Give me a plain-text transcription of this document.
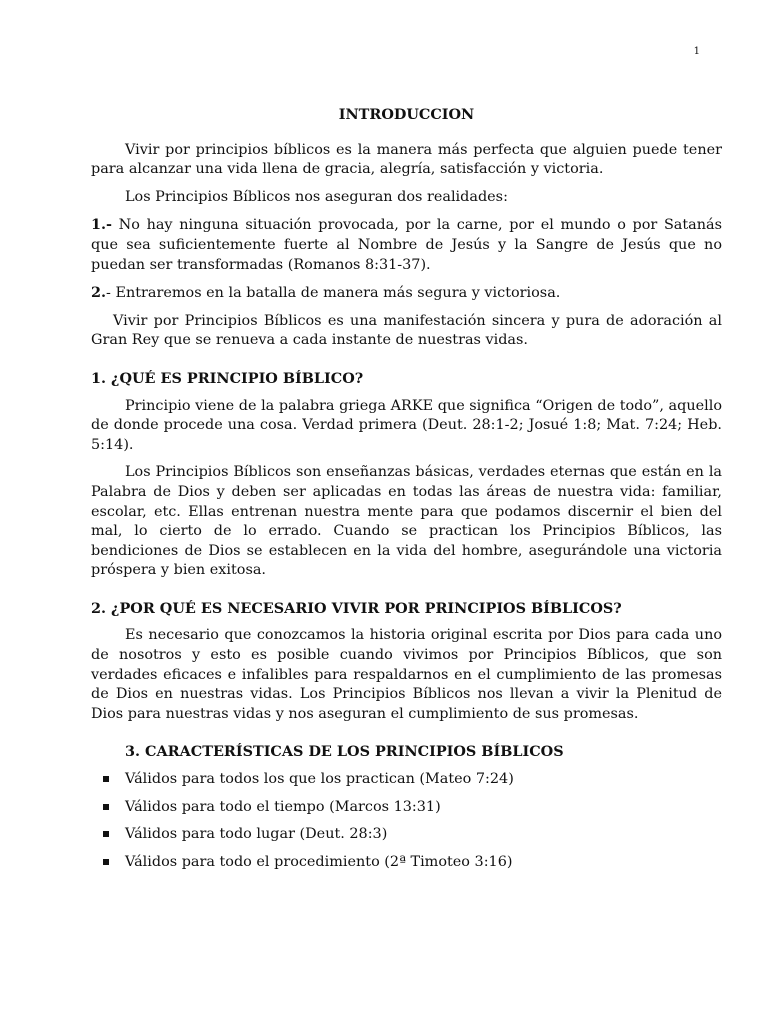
1
INTRODUCCION

Vivir por principios bíblicos es la manera más perfecta que alguien puede tener para alcanzar una vida llena de gracia, alegría, satisfacción y victoria.

Los Principios Bíblicos nos aseguran dos realidades:

1.- No hay ninguna situación provocada, por la carne, por el mundo o por Satanás que sea suficientemente fuerte al Nombre de Jesús y la Sangre de Jesús que no puedan ser transformadas (Romanos 8:31-37).

2.- Entraremos en la batalla de manera más segura y victoriosa.

Vivir por Principios Bíblicos es una manifestación sincera y pura de adoración al Gran Rey que se renueva a cada instante de nuestras vidas.

1. ¿QUÉ ES PRINCIPIO BÍBLICO?

Principio viene de la palabra griega ARKE que significa “Origen de todo”, aquello de donde procede una cosa. Verdad primera (Deut. 28:1-2; Josué 1:8; Mat. 7:24; Heb. 5:14).

Los Principios Bíblicos son enseñanzas básicas, verdades eternas que están en la Palabra de Dios y deben ser aplicadas en todas las áreas de nuestra vida: familiar, escolar, etc. Ellas entrenan nuestra mente para que podamos discernir el bien del mal, lo cierto de lo errado. Cuando se practican los Principios Bíblicos, las bendiciones de Dios se establecen en la vida del hombre, asegurándole una victoria próspera y bien exitosa.

2. ¿POR QUÉ ES NECESARIO VIVIR POR PRINCIPIOS BÍBLICOS?

Es necesario que conozcamos la historia original escrita por Dios para cada uno de nosotros y esto es posible cuando vivimos por Principios Bíblicos, que son verdades eficaces e infalibles para respaldarnos en el cumplimiento de las promesas de Dios en nuestras vidas. Los Principios Bíblicos nos llevan a vivir la Plenitud de Dios para nuestras vidas y nos aseguran el cumplimiento de sus promesas.

3. CARACTERÍSTICAS DE LOS PRINCIPIOS BÍBLICOS
Válidos para todos los que los practican (Mateo 7:24)
Válidos para todo el tiempo (Marcos 13:31)
Válidos para todo lugar (Deut. 28:3)
Válidos para todo el procedimiento (2ª Timoteo 3:16)
